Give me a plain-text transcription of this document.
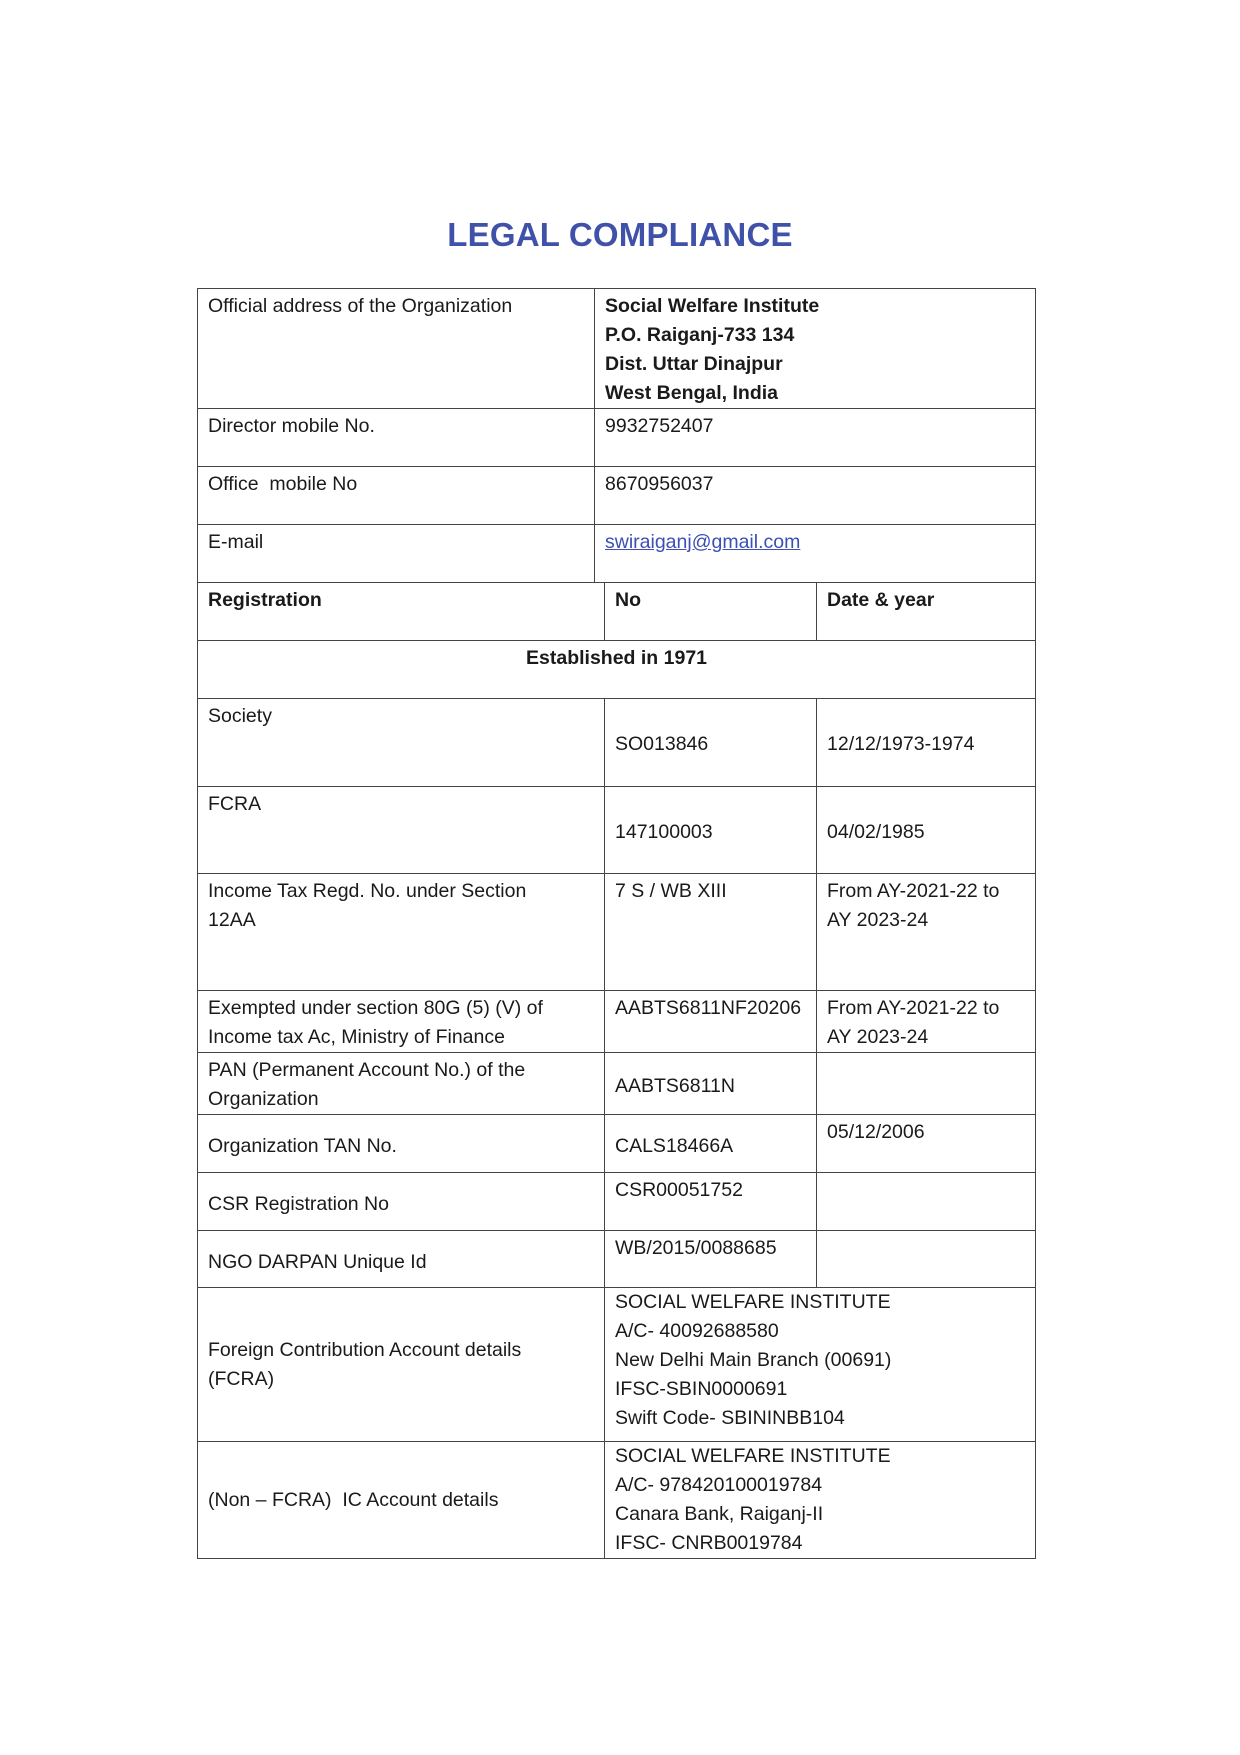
LEGAL COMPLIANCE
Official address of the Organization	Social Welfare Institute
P.O. Raiganj-733 134
Dist. Uttar Dinajpur
West Bengal, India		

Director mobile No.	9932752407		
Office  mobile No	8670956037		
E-mail	swiraiganj@gmail.com		
Registration		No	Date & year
Established in 1971			
Society		SO013846	12/12/1973-1974
FCRA		147100003	04/02/1985
Income Tax Regd. No. under Section 12AA		7 S / WB XIII	From AY-2021-22 to AY 2023-24
Exempted under section 80G (5) (V) of Income tax Ac, Ministry of Finance		AABTS6811NF20206	From AY-2021-22 to AY 2023-24
PAN (Permanent Account No.) of the Organization		AABTS6811N	
Organization TAN No.		CALS18466A	05/12/2006
CSR Registration No		CSR00051752	
NGO DARPAN Unique Id		WB/2015/0088685	
Foreign Contribution Account details (FCRA)		SOCIAL WELFARE INSTITUTE
A/C- 40092688580
New Delhi Main Branch (00691)
IFSC-SBIN0000691
Swift Code- SBININBB104	

(Non – FCRA)  IC Account details		SOCIAL WELFARE INSTITUTE
A/C- 978420100019784
Canara Bank, Raiganj-II
IFSC- CNRB0019784	
